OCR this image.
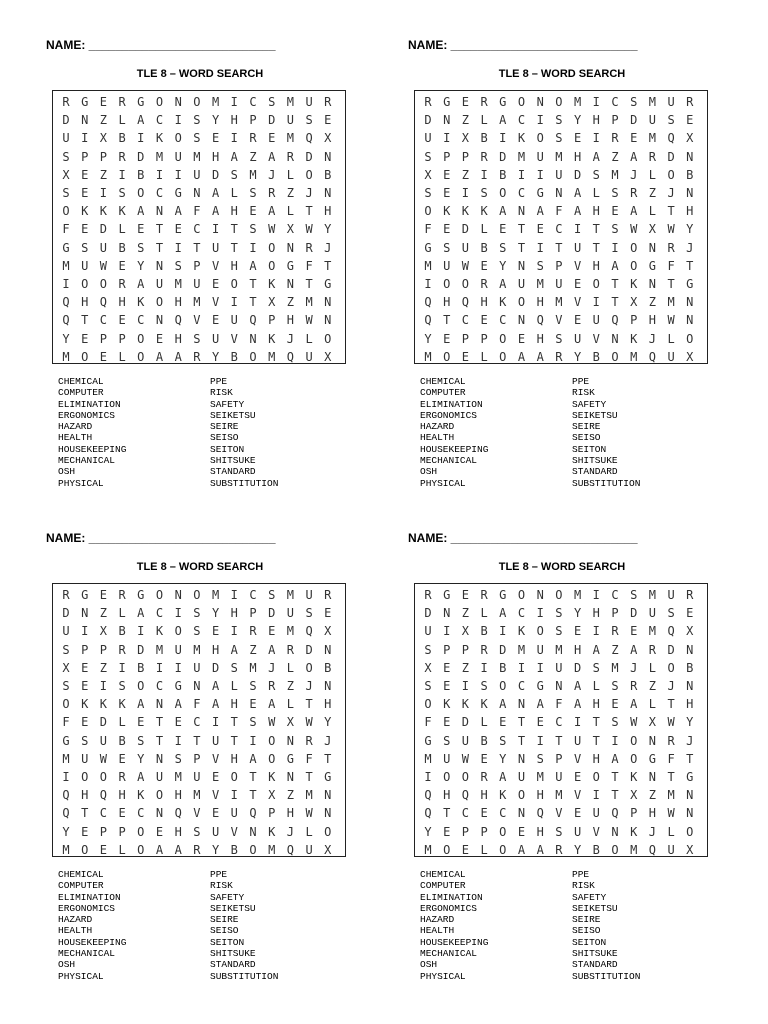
NAME: ____________________________
TLE 8 – WORD SEARCH
R G E R G O N O M I C S M U R
D N Z L A C I S Y H P D U S E
U I X B I K O S E I R E M Q X
S P P R D M U M H A Z A R D N
X E Z I B I I U D S M J L O B
S E I S O C G N A L S R Z J N
O K K K A N A F A H E A L T H
F E D L E T E C I T S W X W Y
G S U B S T I T U T I O N R J
M U W E Y N S P V H A O G F T
I O O R A U M U E O T K N T G
Q H Q H K O H M V I T X Z M N
Q T C E C N Q V E U Q P H W N
Y E P P O E H S U V N K J L O
M O E L O A A R Y B O M Q U X
CHEMICAL
COMPUTER
ELIMINATION
ERGONOMICS
HAZARD
HEALTH
HOUSEKEEPING
MECHANICAL
OSH
PHYSICAL
PPE
RISK
SAFETY
SEIKETSU
SEIRE
SEISO
SEITON
SHITSUKE
STANDARD
SUBSTITUTION
NAME: ____________________________
TLE 8 – WORD SEARCH
R G E R G O N O M I C S M U R
D N Z L A C I S Y H P D U S E
U I X B I K O S E I R E M Q X
S P P R D M U M H A Z A R D N
X E Z I B I I U D S M J L O B
S E I S O C G N A L S R Z J N
O K K K A N A F A H E A L T H
F E D L E T E C I T S W X W Y
G S U B S T I T U T I O N R J
M U W E Y N S P V H A O G F T
I O O R A U M U E O T K N T G
Q H Q H K O H M V I T X Z M N
Q T C E C N Q V E U Q P H W N
Y E P P O E H S U V N K J L O
M O E L O A A R Y B O M Q U X
CHEMICAL
COMPUTER
ELIMINATION
ERGONOMICS
HAZARD
HEALTH
HOUSEKEEPING
MECHANICAL
OSH
PHYSICAL
PPE
RISK
SAFETY
SEIKETSU
SEIRE
SEISO
SEITON
SHITSUKE
STANDARD
SUBSTITUTION
NAME: ____________________________
TLE 8 – WORD SEARCH
R G E R G O N O M I C S M U R
D N Z L A C I S Y H P D U S E
U I X B I K O S E I R E M Q X
S P P R D M U M H A Z A R D N
X E Z I B I I U D S M J L O B
S E I S O C G N A L S R Z J N
O K K K A N A F A H E A L T H
F E D L E T E C I T S W X W Y
G S U B S T I T U T I O N R J
M U W E Y N S P V H A O G F T
I O O R A U M U E O T K N T G
Q H Q H K O H M V I T X Z M N
Q T C E C N Q V E U Q P H W N
Y E P P O E H S U V N K J L O
M O E L O A A R Y B O M Q U X
CHEMICAL
COMPUTER
ELIMINATION
ERGONOMICS
HAZARD
HEALTH
HOUSEKEEPING
MECHANICAL
OSH
PHYSICAL
PPE
RISK
SAFETY
SEIKETSU
SEIRE
SEISO
SEITON
SHITSUKE
STANDARD
SUBSTITUTION
NAME: ____________________________
TLE 8 – WORD SEARCH
R G E R G O N O M I C S M U R
D N Z L A C I S Y H P D U S E
U I X B I K O S E I R E M Q X
S P P R D M U M H A Z A R D N
X E Z I B I I U D S M J L O B
S E I S O C G N A L S R Z J N
O K K K A N A F A H E A L T H
F E D L E T E C I T S W X W Y
G S U B S T I T U T I O N R J
M U W E Y N S P V H A O G F T
I O O R A U M U E O T K N T G
Q H Q H K O H M V I T X Z M N
Q T C E C N Q V E U Q P H W N
Y E P P O E H S U V N K J L O
M O E L O A A R Y B O M Q U X
CHEMICAL
COMPUTER
ELIMINATION
ERGONOMICS
HAZARD
HEALTH
HOUSEKEEPING
MECHANICAL
OSH
PHYSICAL
PPE
RISK
SAFETY
SEIKETSU
SEIRE
SEISO
SEITON
SHITSUKE
STANDARD
SUBSTITUTION
